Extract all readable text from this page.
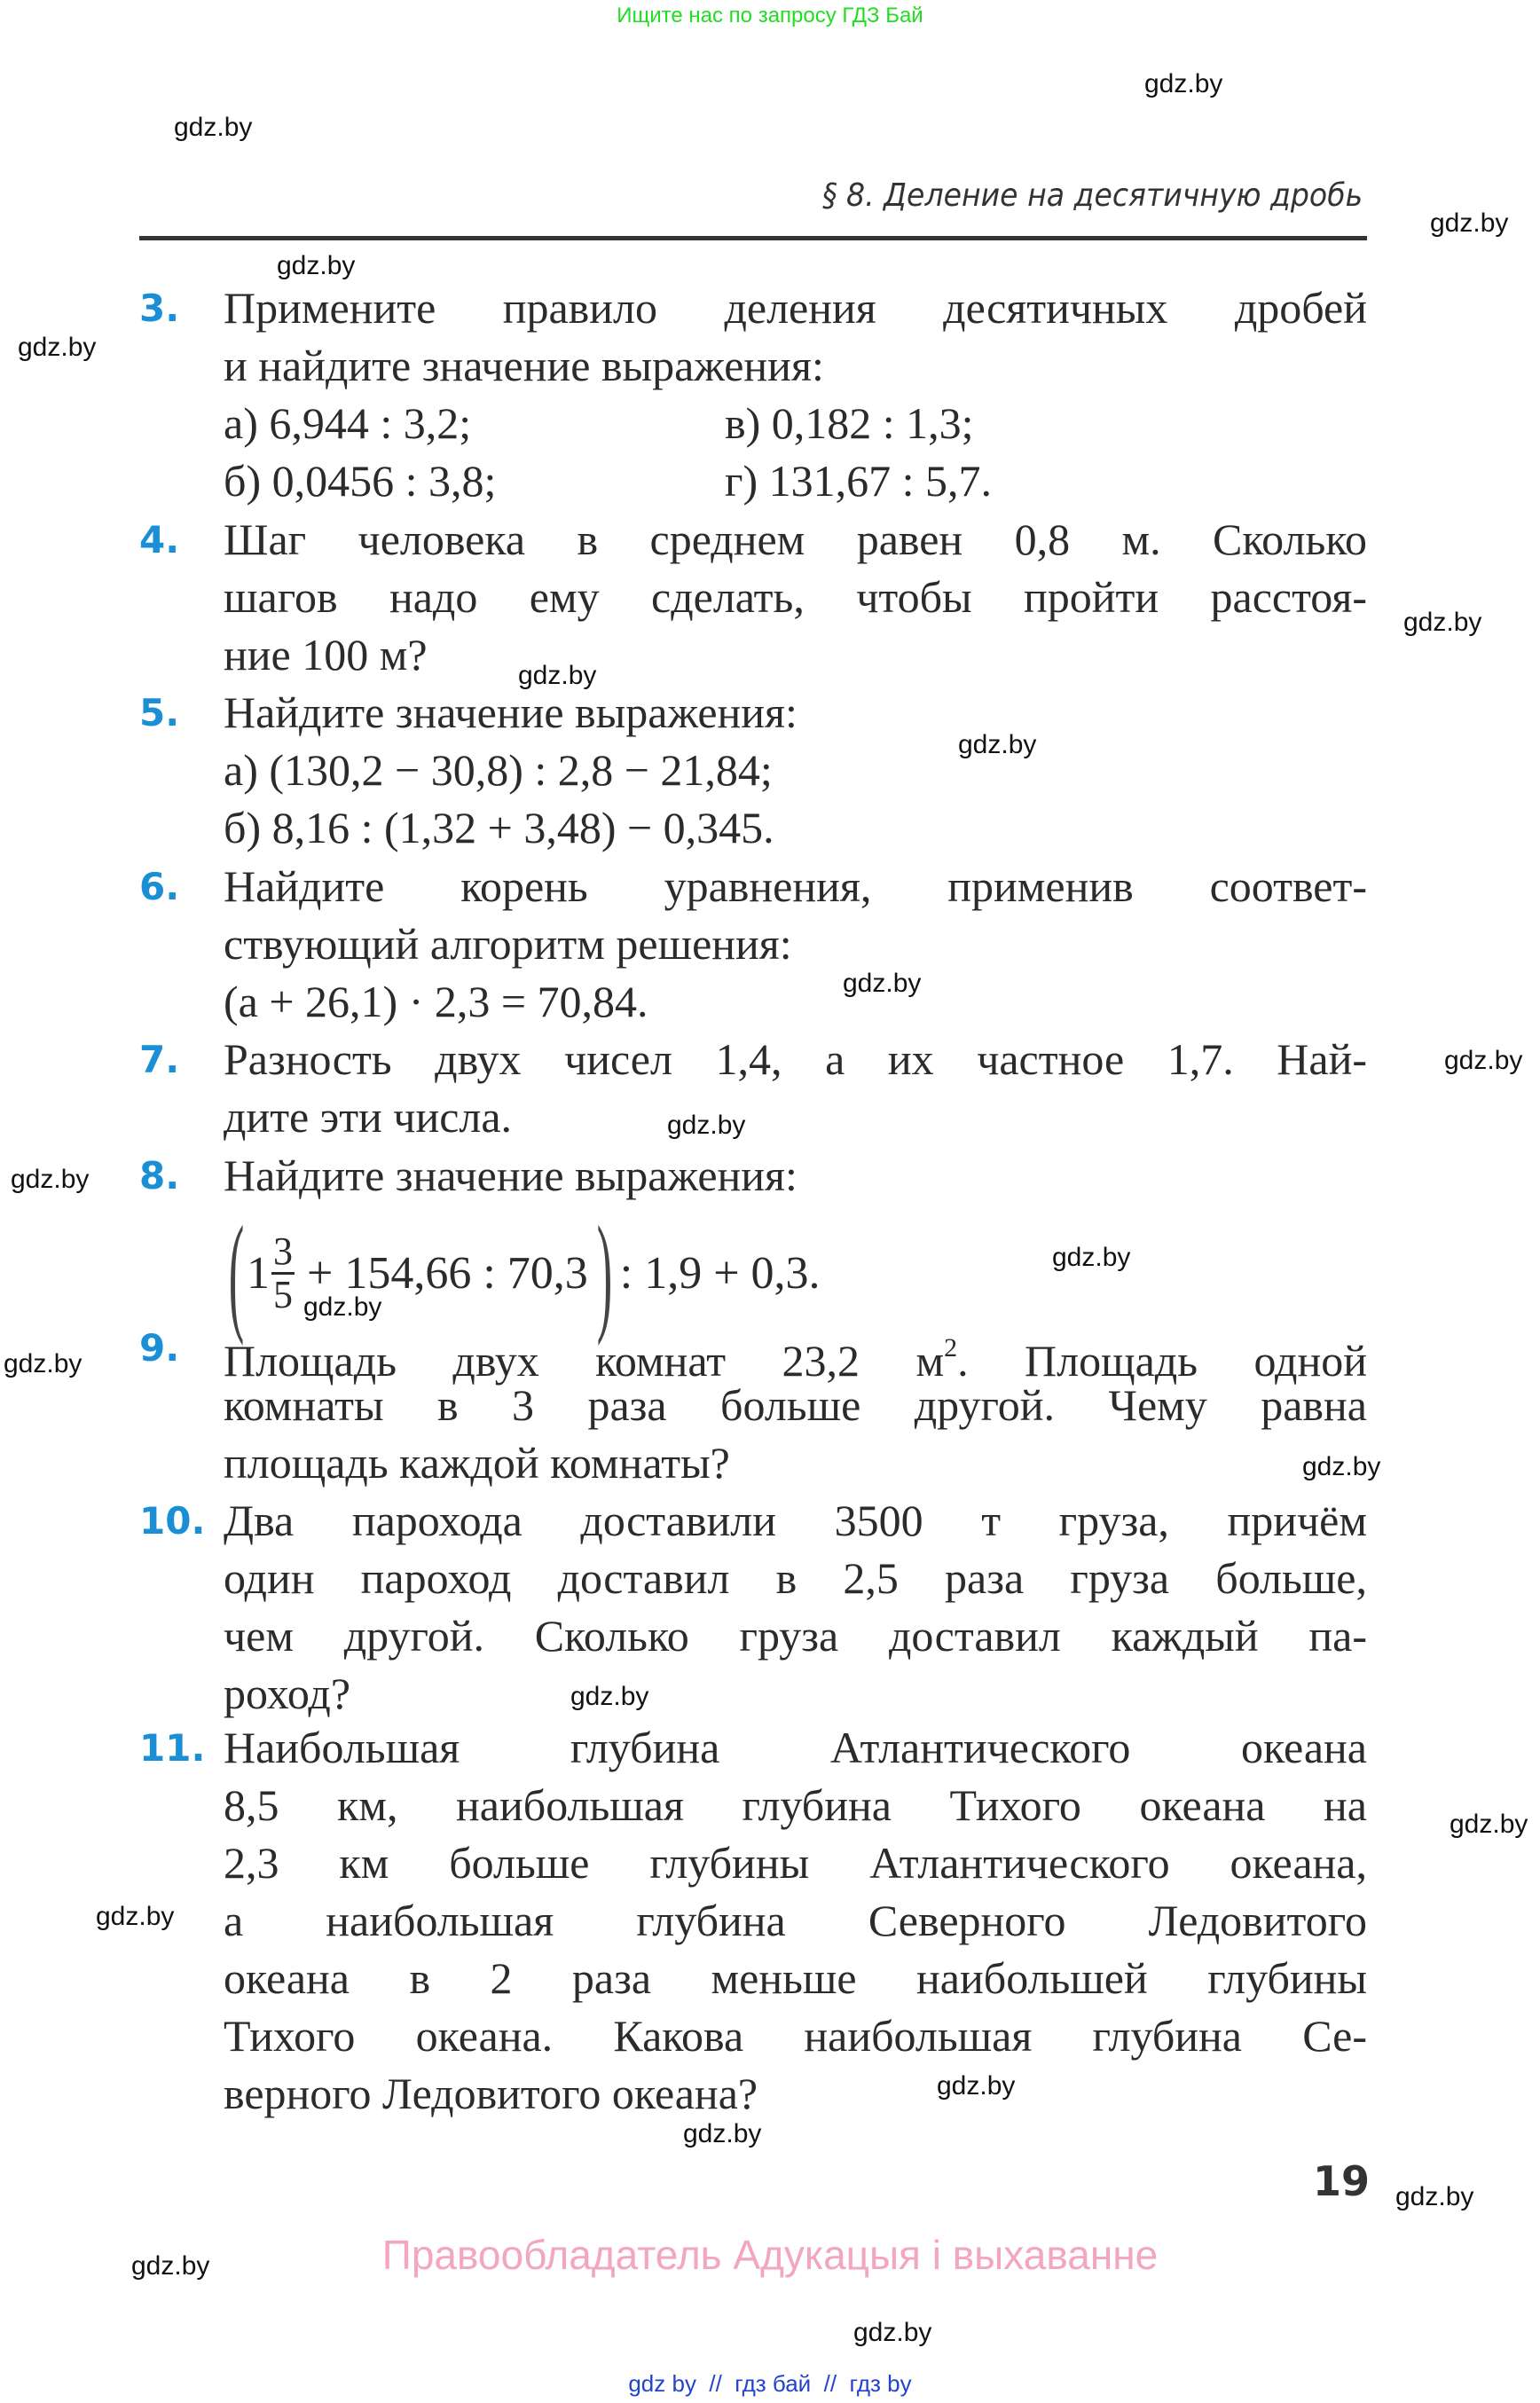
Ищите нас по запросу ГДЗ Бай
gdz.by
gdz.by
gdz.by
gdz.by
gdz.by
gdz.by
gdz.by
gdz.by
gdz.by
gdz.by
gdz.by
gdz.by
gdz.by
gdz.by
gdz.by
gdz.by
gdz.by
gdz.by
gdz.by
gdz.by
gdz.by
gdz.by
gdz.by
gdz.by
§ 8. Деление на десятичную дробь
3. Примените правило деления десятичных дробей
и найдите значение выражения:
а) 6,944 : 3,2;	в) 0,182 : 1,3;
б) 0,0456 : 3,8;	г) 131,67 : 5,7.
4. Шаг человека в среднем равен 0,8 м. Сколько
шагов надо ему сделать, чтобы пройти расстоя-
ние 100 м?
5. Найдите значение выражения:
а) (130,2 − 30,8) : 2,8 − 21,84;
б) 8,16 : (1,32 + 3,48) − 0,345.
6. Найдите корень уравнения, применив соответ-
ствующий алгоритм решения:
(a + 26,1) · 2,3 = 70,84.
7. Разность двух чисел 1,4, а их частное 1,7. Най-
дите эти числа.
8. Найдите значение выражения:
( $1 \frac{3}{5} + 154,66$ : 70,3 ) : 1,9 + 0,3.
9. Площадь двух комнат 23,2 $м^2$. Площадь одной
комнаты в 3 раза больше другой. Чему равна
площадь каждой комнаты?
10. Два парохода доставили 3500 т груза, причём
один пароход доставил в 2,5 раза груза больше,
чем другой. Сколько груза доставил каждый па-
роход?
11. Наибольшая глубина Атлантического океана
8,5 км, наибольшая глубина Тихого океана на
2,3 км больше глубины Атлантического океана,
а наибольшая глубина Северного Ледовитого
океана в 2 раза меньше наибольшей глубины
Тихого океана. Какова наибольшая глубина Се-
верного Ледовитого океана?
19
Правообладатель Адукацыя і выхаванне
gdz by  //  гдз бай  //  гдз by
